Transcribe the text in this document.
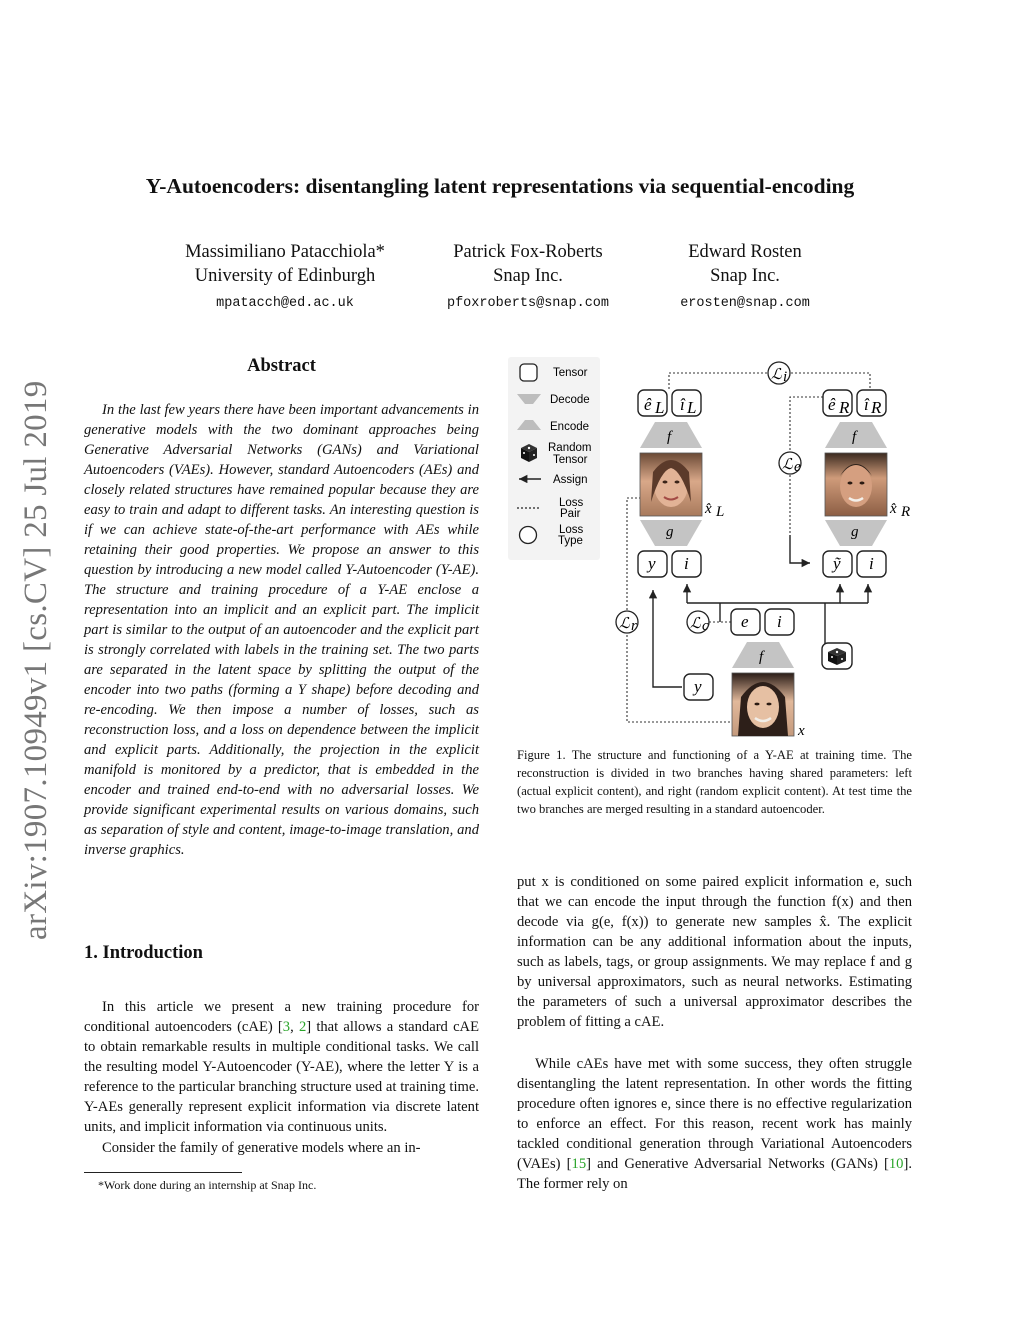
arXiv:1907.10949v1 [cs.CV] 25 Jul 2019
Y-Autoencoders: disentangling latent representations via sequential-encoding
Massimiliano Patacchiola*
University of Edinburgh
mpatacch@ed.ac.uk
Patrick Fox-Roberts
Snap Inc.
pfoxroberts@snap.com
Edward Rosten
Snap Inc.
erosten@snap.com
Abstract
In the last few years there have been important advancements in generative models with the two dominant approaches being Generative Adversarial Networks (GANs) and Variational Autoencoders (VAEs). However, standard Autoencoders (AEs) and closely related structures have remained popular because they are easy to train and adapt to different tasks. An interesting question is if we can achieve state-of-the-art performance with AEs while retaining their good properties. We propose an answer to this question by introducing a new model called Y-Autoencoder (Y-AE). The structure and training procedure of a Y-AE enclose a representation into an implicit and an explicit part. The implicit part is similar to the output of an autoencoder and the explicit part is strongly correlated with labels in the training set. The two parts are separated in the latent space by splitting the output of the encoder into two paths (forming a Y shape) before decoding and re-encoding. We then impose a number of losses, such as reconstruction loss, and a loss on dependence between the implicit and explicit parts. Additionally, the projection in the explicit manifold is monitored by a predictor, that is embedded in the encoder and trained end-to-end with no adversarial losses. We provide significant experimental results on various domains, such as separation of style and content, image-to-image translation, and inverse graphics.
1. Introduction
In this article we present a new training procedure for conditional autoencoders (cAE) [3, 2] that allows a standard cAE to obtain remarkable results in multiple conditional tasks. We call the resulting model Y-Autoencoder (Y-AE), where the letter Y is a reference to the particular branching structure used at training time. Y-AEs generally represent explicit information via discrete latent units, and implicit information via continuous units.
Consider the family of generative models where an in-
*Work done during an internship at Snap Inc.
Tensor
Decode
Encode
Random
Tensor
Assign
Loss
Pair
Loss
Type
ê L î L	ê R î R
ℒ i
f	f
ℒ e
x̂ L	x̂ R
g	g
y i	ỹ i
ℒ r	ℒ c e i
f
y
x
Figure 1. The structure and functioning of a Y-AE at training time. The reconstruction is divided in two branches having shared parameters: left (actual explicit content), and right (random explicit content). At test time the two branches are merged resulting in a standard autoencoder.
put x is conditioned on some paired explicit information e, such that we can encode the input through the function f(x) and then decode via g(e, f(x)) to generate new samples x̂. The explicit information can be any additional information about the inputs, such as labels, tags, or group assignments. We may replace f and g by universal approximators, such as neural networks. Estimating the parameters of such a universal approximator describes the problem of fitting a cAE.
While cAEs have met with some success, they often struggle disentangling the latent representation. In other words the fitting procedure often ignores e, since there is no effective regularization to enforce an effect. For this reason, recent work has mainly tackled conditional generation through Variational Autoencoders (VAEs) [15] and Generative Adversarial Networks (GANs) [10]. The former rely on
